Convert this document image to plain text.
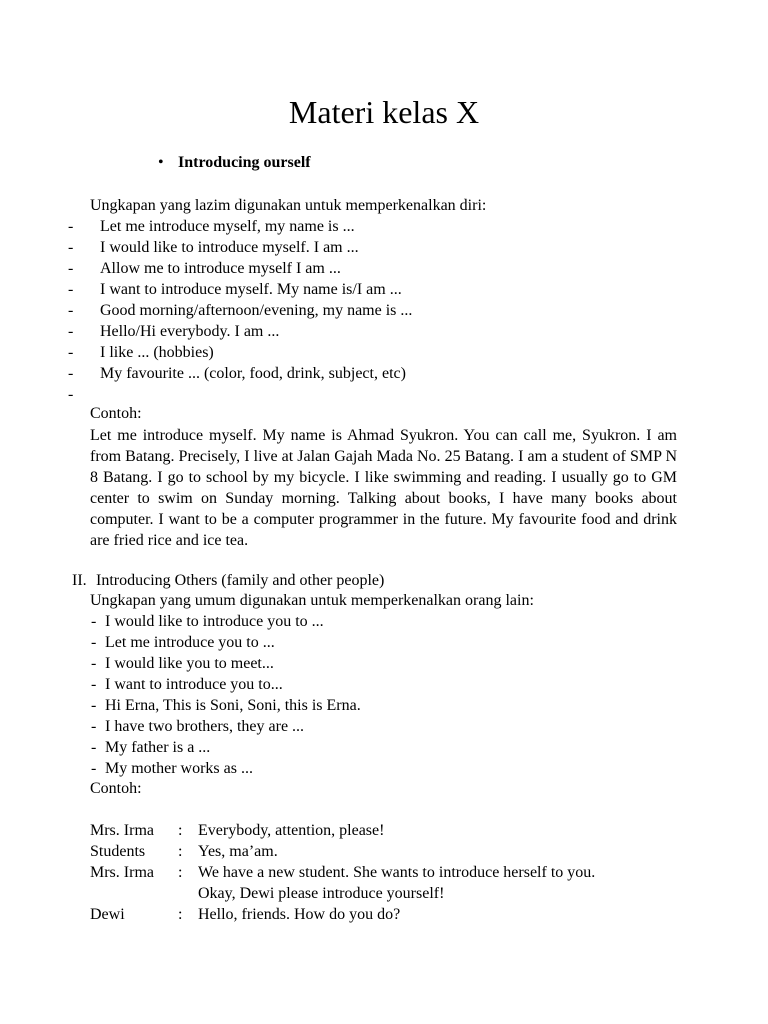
Materi kelas X
• Introducing ourself
Ungkapan yang lazim digunakan untuk memperkenalkan diri:
- Let me introduce myself, my name is ...
- I would like to introduce myself. I am ...
- Allow me to introduce myself I am ...
- I want to introduce myself. My name is/I am ...
- Good morning/afternoon/evening, my name is ...
- Hello/Hi everybody. I am ...
- I like ... (hobbies)
- My favourite ... (color, food, drink, subject, etc)
-
Contoh:
Let me introduce myself. My name is Ahmad Syukron. You can call me, Syukron. I am from Batang. Precisely, I live at Jalan Gajah Mada No. 25 Batang. I am a student of SMP N 8 Batang. I go to school by my bicycle. I like swimming and reading. I usually go to GM center to swim on Sunday morning. Talking about books, I have many books about computer. I want to be a computer programmer in the future. My favourite food and drink are fried rice and ice tea.
II. Introducing Others (family and other people)
Ungkapan yang umum digunakan untuk memperkenalkan orang lain:
- I would like to introduce you to ...
- Let me introduce you to ...
- I would like you to meet...
- I want to introduce you to...
- Hi Erna, This is Soni, Soni, this is Erna.
- I have two brothers, they are ...
- My father is a ...
- My mother works as ...
Contoh:
Mrs. Irma : Everybody, attention, please!
Students : Yes, ma’am.
Mrs. Irma : We have a new student. She wants to introduce herself to you.
Okay, Dewi please introduce yourself!
Dewi	: Hello, friends. How do you do?
